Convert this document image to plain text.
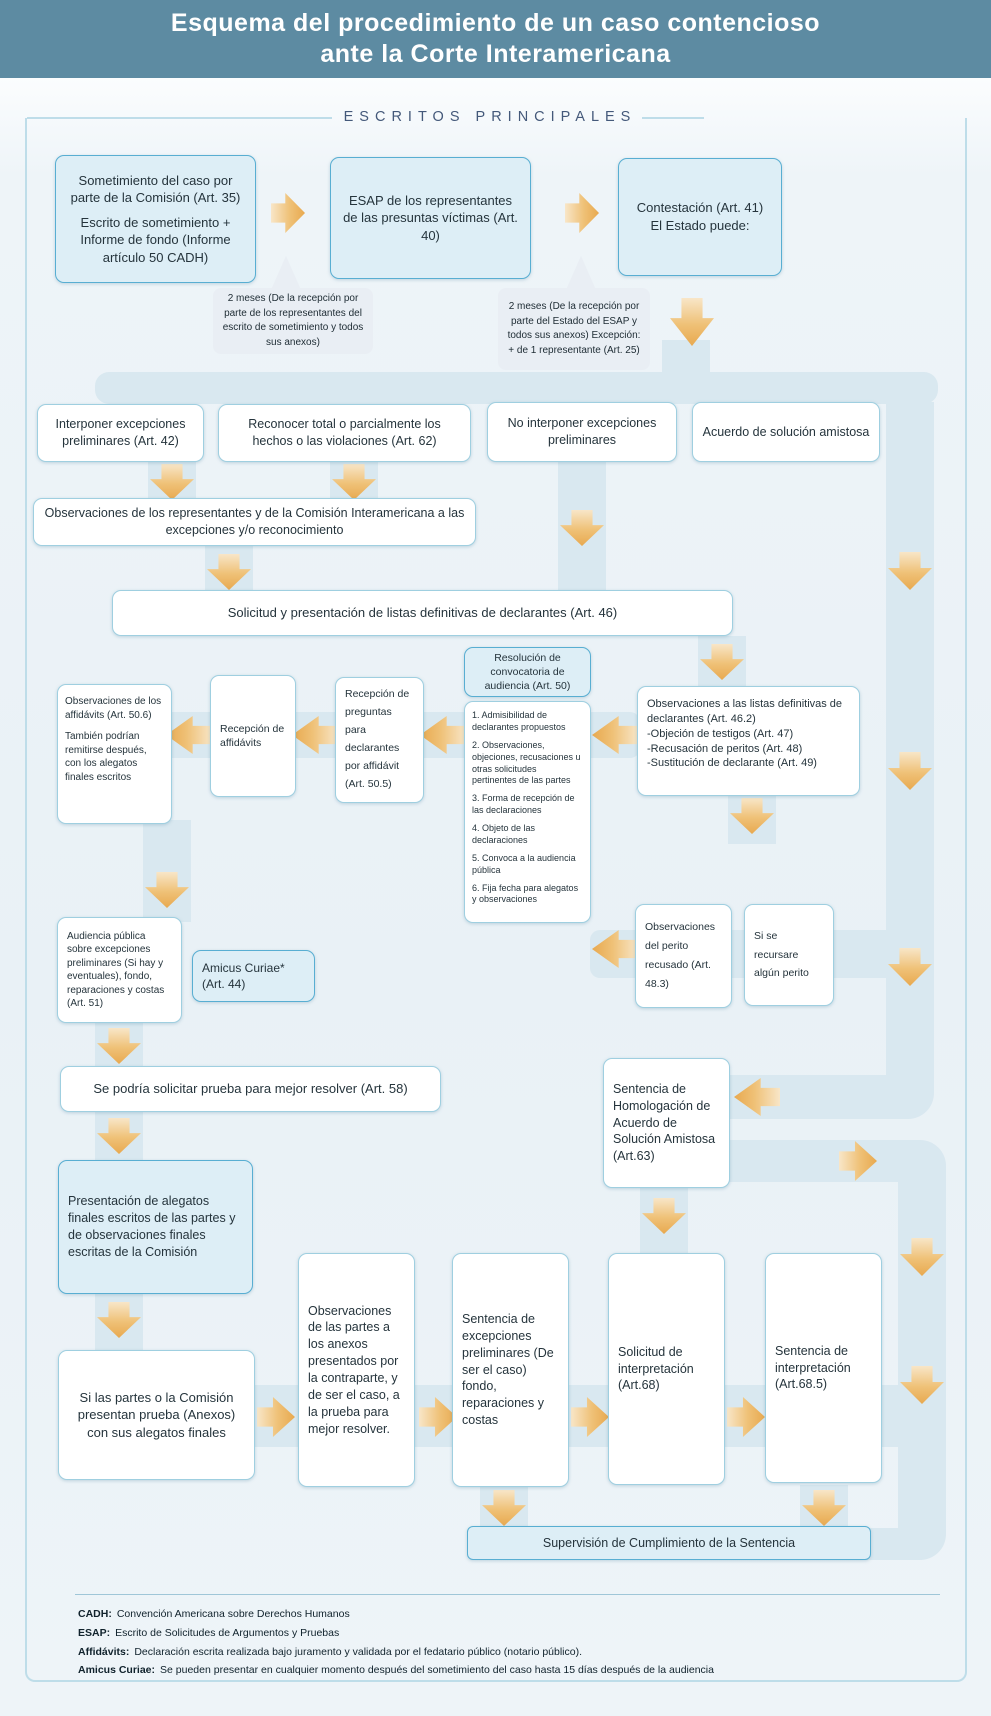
Esquema del procedimiento de un caso contencioso
ante la Corte Interamericana
ESCRITOS PRINCIPALES
Sometimiento del caso por parte de la Comisión (Art. 35)
Escrito de sometimiento + Informe de fondo (Informe artículo 50 CADH)
ESAP de los representantes de las presuntas víctimas (Art. 40)
Contestación (Art. 41)
El Estado puede:
2 meses (De la recepción por parte de los representantes del escrito de sometimiento y todos sus anexos)
2 meses (De la recepción por parte del Estado del ESAP y todos sus anexos) Excepción: + de 1 representante (Art. 25)
Interponer excepciones preliminares (Art. 42)
Reconocer total o parcialmente los hechos o las violaciones (Art. 62)
No interponer excepciones preliminares
Acuerdo de solución amistosa
Observaciones de los representantes y de la Comisión Interamericana a las excepciones y/o reconocimiento
Solicitud y presentación de listas definitivas de declarantes (Art. 46)
Resolución de convocatoria de audiencia (Art. 50)
1. Admisibilidad de declarantes propuestos
2. Observaciones, objeciones, recusaciones u otras solicitudes pertinentes de las partes
3. Forma de recepción de las declaraciones
4. Objeto de las declaraciones
5. Convoca a la audiencia pública
6. Fija fecha para alegatos y observaciones
Observaciones a las listas definitivas de declarantes (Art. 46.2)
-Objeción de testigos (Art. 47)
-Recusación de peritos (Art. 48)
-Sustitución de declarante (Art. 49)
Recepción de preguntas para declarantes por affidávit (Art. 50.5)
Recepción de affidávits
Observaciones de los affidávits (Art. 50.6)
También podrían remitirse después, con los alegatos finales escritos
Observaciones del perito recusado (Art. 48.3)
Si se recursare algún perito
Audiencia pública sobre excepciones preliminares (Si hay y eventuales), fondo, reparaciones y costas (Art. 51)
Amicus Curiae* (Art. 44)
Se podría solicitar prueba para mejor resolver (Art. 58)	Sentencia de Homologación de Acuerdo de Solución Amistosa (Art.63)
Presentación de alegatos finales escritos de las partes y de observaciones finales escritas de la Comisión
Si las partes o la Comisión presentan prueba (Anexos) con sus alegatos finales
Observaciones de las partes a los anexos presentados por la contraparte, y de ser el caso, a la prueba para mejor resolver.
Sentencia de excepciones preliminares (De ser el caso) fondo, reparaciones y costas
Solicitud de interpretación (Art.68)
Sentencia de interpretación (Art.68.5)
Supervisión de Cumplimiento de la Sentencia
CADH: Convención Americana sobre Derechos Humanos
ESAP: Escrito de Solicitudes de Argumentos y Pruebas
Affidávits: Declaración escrita realizada bajo juramento y validada por el fedatario público (notario público).
Amicus Curiae: Se pueden presentar en cualquier momento después del sometimiento del caso hasta 15 días después de la audiencia
